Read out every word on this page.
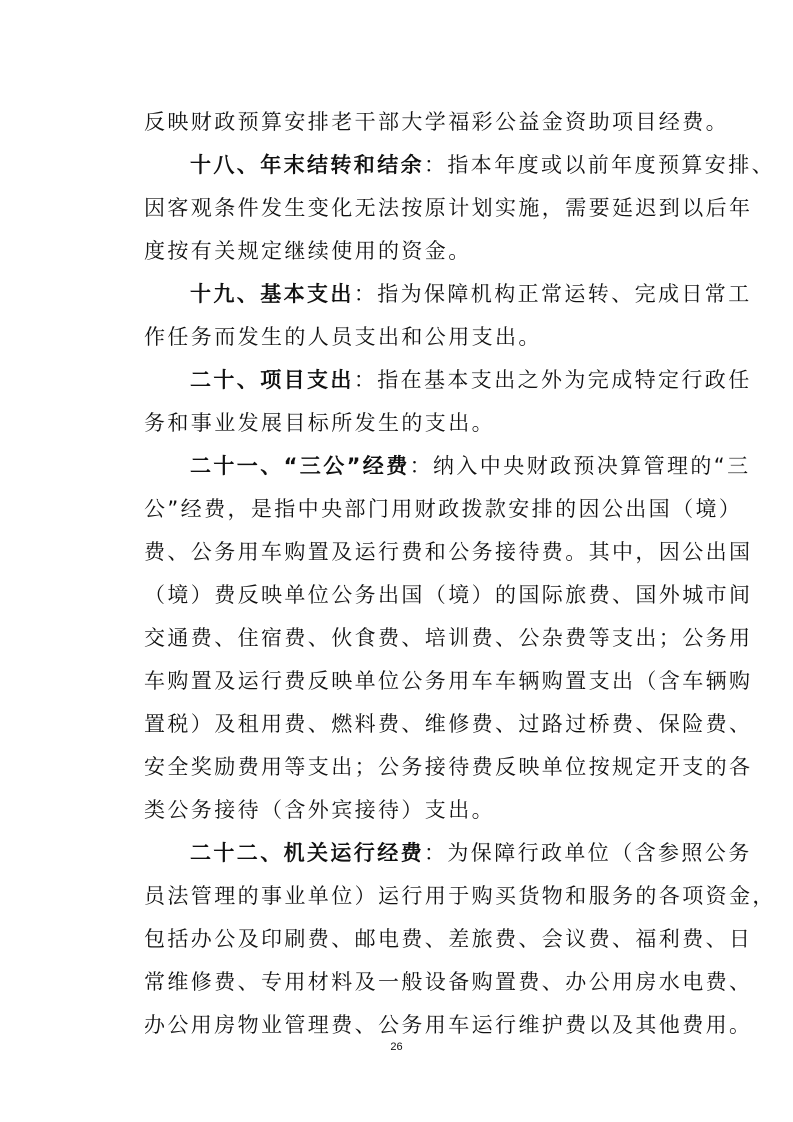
反映财政预算安排老干部大学福彩公益金资助项目经费。
十八、年末结转和结余：指本年度或以前年度预算安排、
因客观条件发生变化无法按原计划实施，需要延迟到以后年
度按有关规定继续使用的资金。
十九、基本支出：指为保障机构正常运转、完成日常工
作任务而发生的人员支出和公用支出。
二十、项目支出：指在基本支出之外为完成特定行政任
务和事业发展目标所发生的支出。
二十一、“三公”经费：纳入中央财政预决算管理的“三
公”经费，是指中央部门用财政拨款安排的因公出国（境）
费、公务用车购置及运行费和公务接待费。其中，因公出国
（境）费反映单位公务出国（境）的国际旅费、国外城市间
交通费、住宿费、伙食费、培训费、公杂费等支出；公务用
车购置及运行费反映单位公务用车车辆购置支出（含车辆购
置税）及租用费、燃料费、维修费、过路过桥费、保险费、
安全奖励费用等支出；公务接待费反映单位按规定开支的各
类公务接待（含外宾接待）支出。
二十二、机关运行经费：为保障行政单位（含参照公务
员法管理的事业单位）运行用于购买货物和服务的各项资金，
包括办公及印刷费、邮电费、差旅费、会议费、福利费、日
常维修费、专用材料及一般设备购置费、办公用房水电费、
办公用房物业管理费、公务用车运行维护费以及其他费用。
26
